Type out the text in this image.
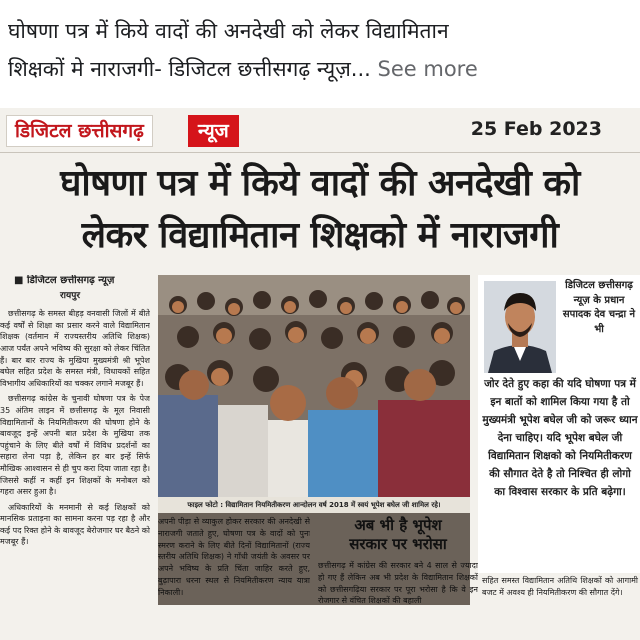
घोषणा पत्र में किये वादों की अनदेखी को लेकर विद्यामितान
शिक्षकों मे नाराजगी- डिजिटल छत्तीसगढ़ न्यूज़... See more
डिजिटल छत्तीसगढ़	न्यूज	25 Feb 2023
घोषणा पत्र में किये वादों की अनदेखी को
लेकर विद्यामितान शिक्षको में नाराजगी
■ डिजिटल छत्तीसगढ़ न्यूज़
रायपुर

छत्तीसगढ़ के समस्त बीहड़ वनवासी जिलों में बीते कई वर्षों से शिक्षा का प्रसार करने वाले विद्यामितान शिक्षक (वर्तमान में राज्यस्तरीय अतिथि शिक्षक) आज पर्यंत अपने भविष्य की सुरक्षा को लेकर चिंतित हैं। बार बार राज्य के मुखिया मुख्यमंत्री श्री भूपेश बघेल सहित प्रदेश के समस्त मंत्री, विधायकों सहित विभागीय अधिकारियों का चक्कर लगाने मजबूर हैं।

छत्तीसगढ़ कांग्रेस के चुनावी घोषणा पत्र के पेज 35 अंतिम लाइन में छत्तीसगढ़ के मूल निवासी विद्यामितानों के नियमितीकरण की घोषणा होने के बावजूद इन्हें अपनी बात प्रदेश के मुखिया तक पहुंचाने के लिए बीते वर्षों में विविध प्रदर्शनों का सहारा लेना पड़ा है, लेकिन हर बार इन्हें सिर्फ मौखिक आश्वासन से ही चुप करा दिया जाता रहा है। जिससे कहीं न कहीं इन शिक्षकों के मनोबल को गहरा असर हुआ है।

अधिकारियों के मनमानी से कई शिक्षकों को मानसिक प्रताड़ना का सामना करना पड़ रहा है और कई पद रिक्त होने के बावजूद बेरोजगार घर बैठने को मजबूर हैं।

फाइल फोटो : विद्यामितान नियमितीकरण आन्दोलन वर्ष 2018 में स्वयं भूपेश बघेल जी शामिल रहे।
अपनी पीड़ा से व्याकुल होकर सरकार की अनदेखी से नाराजगी जताते हुए, घोषणा पत्र के वादों को पुनः स्मरण कराने के लिए बीते दिनों विद्यामितानों (राज्य स्तरीय अतिथि शिक्षक) ने गाँधी जयंती के अवसर पर अपने भविष्य के प्रति चिंता जाहिर करते हुए, बुढ़ापारा धरना स्थल से नियमितीकरण न्याय यात्रा निकाली।
अब भी है भूपेश
सरकार पर भरोसा

छत्तीसगढ़ में कांग्रेस की सरकार बने 4 साल से ज्यादा हो गए हैं लेकिन अब भी प्रदेश के विद्यामितान शिक्षकों को छत्तीसगढ़िया सरकार पर पूरा भरोसा है कि वे इन रोजगार से वंचित शिक्षकों की बहाली

डिजिटल छत्तीसगढ़ न्यूज़ के प्रधान सपादक देव चन्द्रा ने भी
जोर देते हुए कहा की यदि घोषणा पत्र में इन बातों को शामिल किया गया है तो मुख्यमंत्री भूपेश बघेल जी को जरूर ध्यान देना चाहिए। यदि भूपेश बघेल जी विद्यामितान शिक्षको को नियमितीकरण की सौगात देते है तो निश्चित ही लोगो का विश्वास सरकार के प्रति बढ़ेगा।
सहित समस्त विद्यामितान अतिथि शिक्षकों को आगामी बजट में अवश्य ही नियमितीकरण की सौगात देंगे।
